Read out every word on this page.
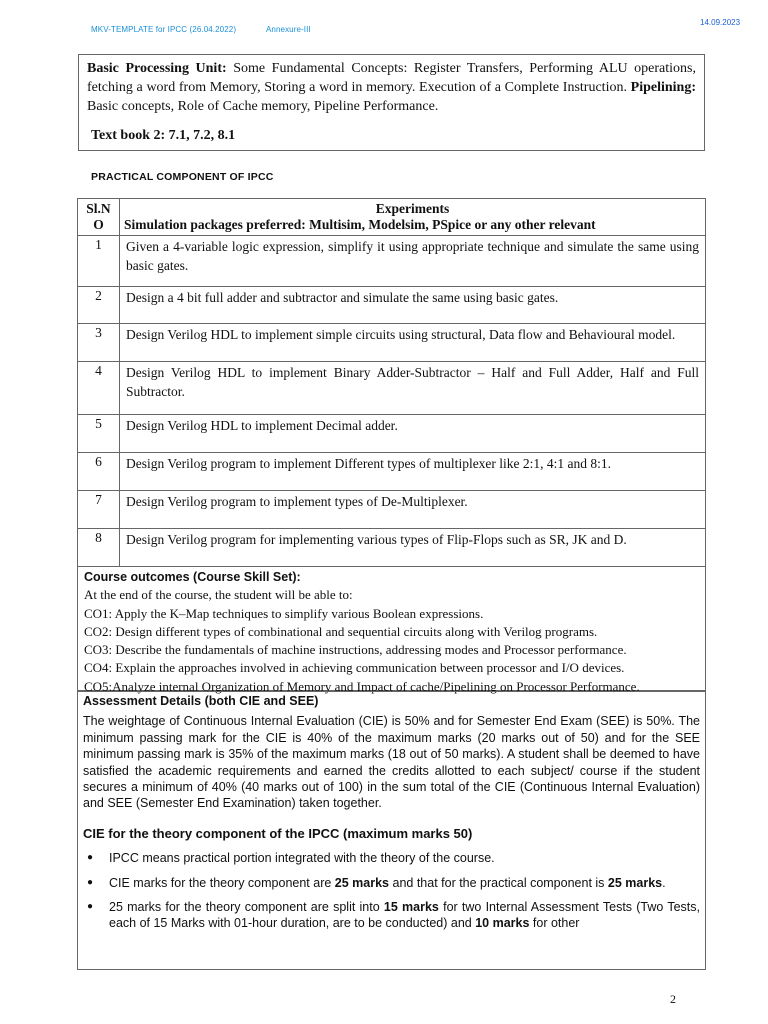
MKV-TEMPLATE for IPCC (26.04.2022)	Annexure-III
14.09.2023

Basic Processing Unit: Some Fundamental Concepts: Register Transfers, Performing ALU operations, fetching a word from Memory, Storing a word in memory. Execution of a Complete Instruction. Pipelining: Basic concepts, Role of Cache memory, Pipeline Performance.

Text book 2: 7.1, 7.2, 8.1

PRACTICAL COMPONENT OF IPCC
Sl.N O	Experiments
Simulation packages preferred: Multisim, Modelsim, PSpice or any other relevant
1	Given a 4-variable logic expression, simplify it using appropriate technique and simulate the same using basic gates.
2	Design a 4 bit full adder and subtractor and simulate the same using basic gates.
3	Design Verilog HDL to implement simple circuits using structural, Data flow and Behavioural model.
4	Design Verilog HDL to implement Binary Adder-Subtractor – Half and Full Adder, Half and Full Subtractor.
5	Design Verilog HDL to implement Decimal adder.
6	Design Verilog program to implement Different types of multiplexer like 2:1, 4:1 and 8:1.
7	Design Verilog program to implement types of De-Multiplexer.
8	Design Verilog program for implementing various types of Flip-Flops such as SR, JK and D.
Course outcomes (Course Skill Set):
At the end of the course, the student will be able to:
CO1: Apply the K–Map techniques to simplify various Boolean expressions.
CO2: Design different types of combinational and sequential circuits along with Verilog programs.
CO3: Describe the fundamentals of machine instructions, addressing modes and Processor performance.
CO4: Explain the approaches involved in achieving communication between processor and I/O devices.
CO5:Analyze internal Organization of Memory and Impact of cache/Pipelining on Processor Performance.
Assessment Details (both CIE and SEE)
The weightage of Continuous Internal Evaluation (CIE) is 50% and for Semester End Exam (SEE) is 50%. The minimum passing mark for the CIE is 40% of the maximum marks (20 marks out of 50) and for the SEE minimum passing mark is 35% of the maximum marks (18 out of 50 marks). A student shall be deemed to have satisfied the academic requirements and earned the credits allotted to each subject/ course if the student secures a minimum of 40% (40 marks out of 100) in the sum total of the CIE (Continuous Internal Evaluation) and SEE (Semester End Examination) taken together.
CIE for the theory component of the IPCC (maximum marks 50)
● IPCC means practical portion integrated with the theory of the course.
● CIE marks for the theory component are 25 marks and that for the practical component is 25 marks.
● 25 marks for the theory component are split into 15 marks for two Internal Assessment Tests (Two Tests, each of 15 Marks with 01-hour duration, are to be conducted) and 10 marks for other
2
